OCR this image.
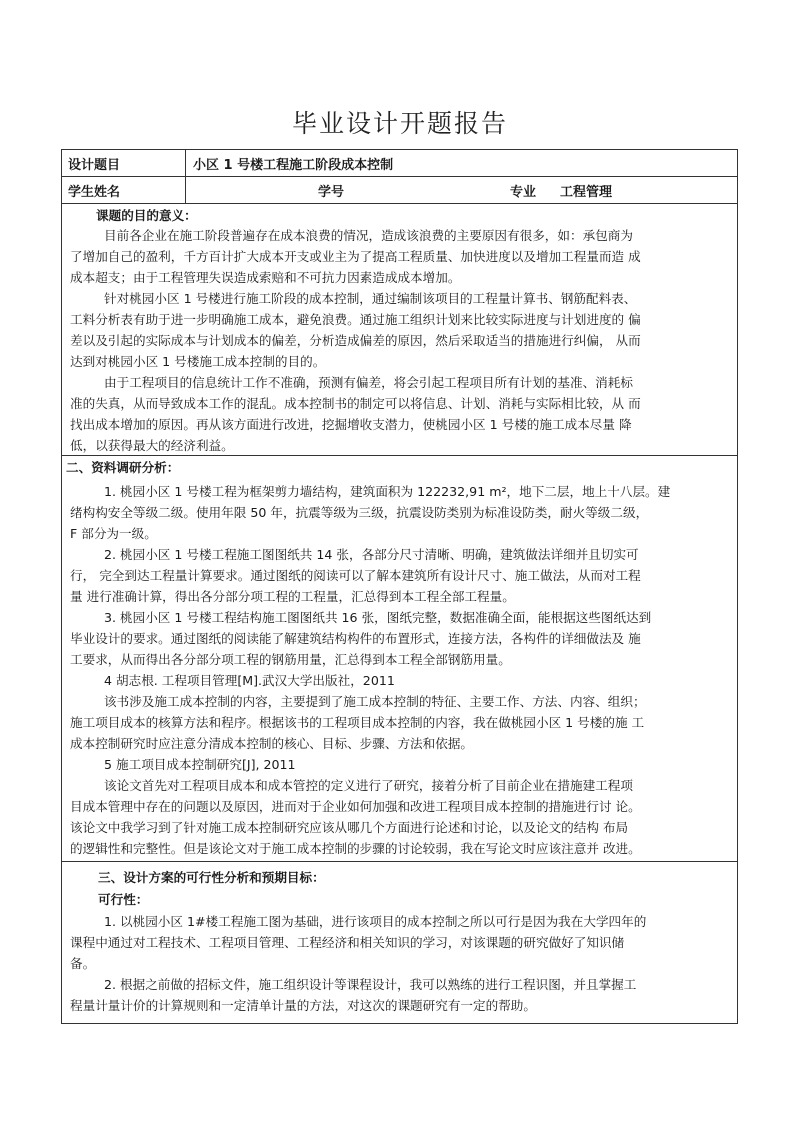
毕业设计开题报告
设计题目	小区 1 号楼工程施工阶段成本控制
学生姓名	学号	专业 工程管理
课题的目的意义：
目前各企业在施工阶段普遍存在成本浪费的情况，造成该浪费的主要原因有很多，如：承包商为
了增加自己的盈利，千方百计扩大成本开支或业主为了提高工程质量、加快进度以及增加工程量而造 成
成本超支；由于工程管理失误造成索赔和不可抗力因素造成成本增加。
针对桃园小区 1 号楼进行施工阶段的成本控制，通过编制该项目的工程量计算书、钢筋配料表、
工料分析表有助于进一步明确施工成本，避免浪费。通过施工组织计划来比较实际进度与计划进度的 偏
差以及引起的实际成本与计划成本的偏差，分析造成偏差的原因，然后采取适当的措施进行纠偏， 从而
达到对桃园小区 1 号楼施工成本控制的目的。
由于工程项目的信息统计工作不准确，预测有偏差，将会引起工程项目所有计划的基准、消耗标
准的失真，从而导致成本工作的混乱。成本控制书的制定可以将信息、计划、消耗与实际相比较，从 而
找出成本增加的原因。再从该方面进行改进，挖掘增收支潜力，使桃园小区 1 号楼的施工成本尽量 降
低，以获得最大的经济利益。
二、资料调研分析：
1. 桃园小区 1 号楼工程为框架剪力墙结构，建筑面积为 122232,91 m²，地下二层，地上十八层。建
绪构构安全等级二级。使用年限 50 年，抗震等级为三级，抗震设防类别为标准设防类，耐火等级二级，
F 部分为一级。
2. 桃园小区 1 号楼工程施工图图纸共 14 张，各部分尺寸清晰、明确，建筑做法详细并且切实可
行， 完全到达工程量计算要求。通过图纸的阅读可以了解本建筑所有设计尺寸、施工做法，从而对工程
量 进行准确计算，得出各分部分项工程的工程量，汇总得到本工程全部工程量。
3. 桃园小区 1 号楼工程结构施工图图纸共 16 张，图纸完整，数据准确全面，能根据这些图纸达到
毕业设计的要求。通过图纸的阅读能了解建筑结构构件的布置形式，连接方法，各构件的详细做法及 施
工要求，从而得出各分部分项工程的钢筋用量，汇总得到本工程全部钢筋用量。
4 胡志根. 工程项目管理[M].武汉大学出版社，2011
该书涉及施工成本控制的内容，主要提到了施工成本控制的特征、主要工作、方法、内容、组织；
施工项目成本的核算方法和程序。根据该书的工程项目成本控制的内容，我在做桃园小区 1 号楼的施 工
成本控制研究时应注意分清成本控制的核心、目标、步骤、方法和依据。
5 施工项目成本控制研究[J], 2011
该论文首先对工程项目成本和成本管控的定义进行了研究，接着分析了目前企业在措施建工程项
目成本管理中存在的问题以及原因，进而对于企业如何加强和改进工程项目成本控制的措施进行讨 论。
该论文中我学习到了针对施工成本控制研究应该从哪几个方面进行论述和讨论，以及论文的结构 布局
的逻辑性和完整性。但是该论文对于施工成本控制的步骤的讨论较弱，我在写论文时应该注意并 改进。
三、设计方案的可行性分析和预期目标：
可行性：
1. 以桃园小区 1#楼工程施工图为基础，进行该项目的成本控制之所以可行是因为我在大学四年的
课程中通过对工程技术、工程项目管理、工程经济和相关知识的学习，对该课题的研究做好了知识储
备。
2. 根据之前做的招标文件，施工组织设计等课程设计，我可以熟练的进行工程识图，并且掌握工
程量计量计价的计算规则和一定清单计量的方法，对这次的课题研究有一定的帮助。
